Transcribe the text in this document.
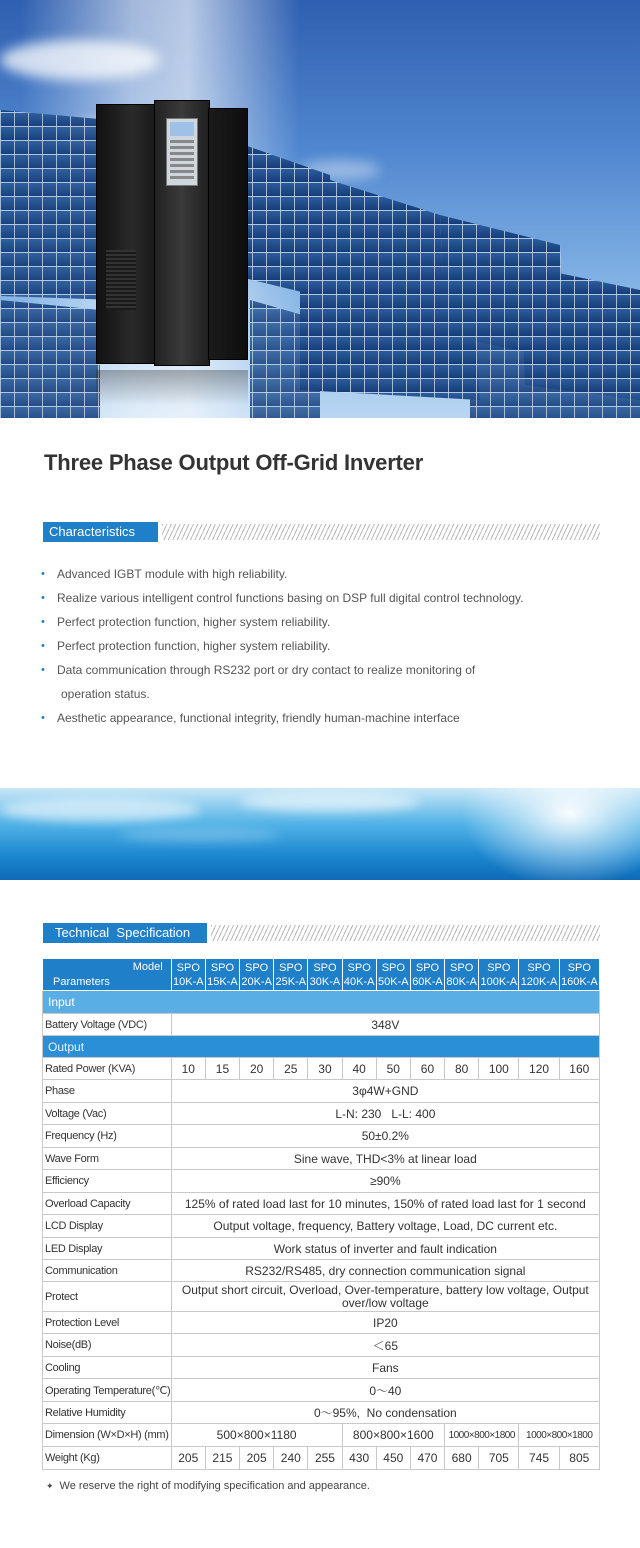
Three Phase Output Off-Grid Inverter
Characteristics
• Advanced IGBT module with high reliability.
• Realize various intelligent control functions basing on DSP full digital control technology.
• Perfect protection function, higher system reliability.
• Perfect protection function, higher system reliability.
• Data communication through RS232 port or dry contact to realize monitoring of
operation status.
• Aesthetic appearance, functional integrity, friendly human-machine interface
Technical  Specification
Model
Parameters	SPO 10K-A	SPO 15K-A	SPO 20K-A	SPO 25K-A	SPO 30K-A	SPO 40K-A	SPO 50K-A	SPO 60K-A	SPO 80K-A	SPO 100K-A	SPO 120K-A	SPO 160K-A
Input												
Battery Voltage (VDC)	348V											
Output												
Rated Power (KVA)	10	15	20	25	30	40	50	60	80	100	120	160
Phase	3φ4W+GND											
Voltage (Vac)	L-N: 230   L-L: 400											
Frequency (Hz)	50±0.2%											
Wave Form	Sine wave, THD<3% at linear load											
Efficiency	≥90%											
Overload Capacity	125% of rated load last for 10 minutes, 150% of rated load last for 1 second											
LCD Display	Output voltage, frequency, Battery voltage, Load, DC current etc.											
LED Display	Work status of inverter and fault indication											
Communication	RS232/RS485, dry connection communication signal											
Protect	Output short circuit, Overload, Over-temperature, battery low voltage, Output over/low voltage											
Protection Level	IP20											
Noise(dB)	＜65											
Cooling	Fans											
Operating Temperature(℃)	0～40											
Relative Humidity	0～95%,  No condensation											
Dimension (W×D×H) (mm)	500×800×1180					800×800×1600			1000×800×1800		1000×800×1800	
Weight (Kg)	205	215	205	240	255	430	450	470	680	705	745	805
✦ We reserve the right of modifying specification and appearance.
